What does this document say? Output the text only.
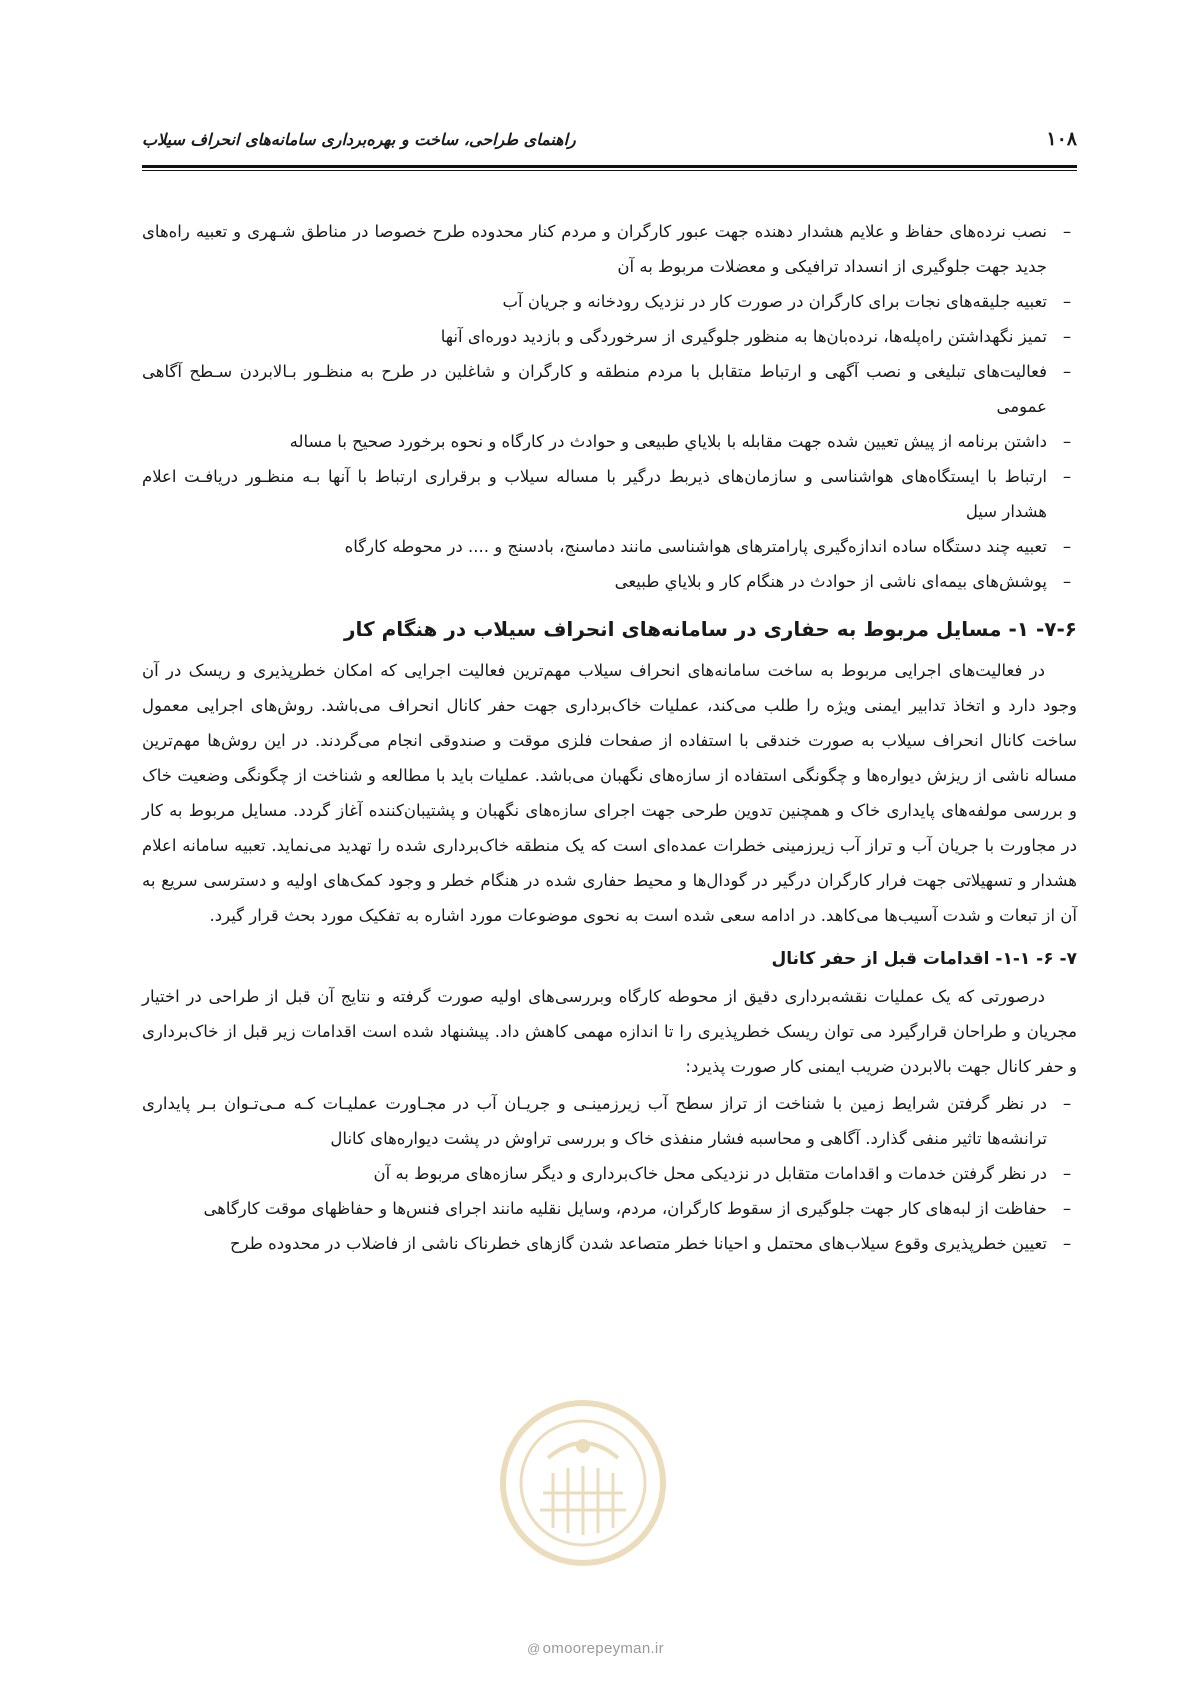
۱۰۸
راهنمای طراحی، ساخت و بهره‌برداری سامانه‌های انحراف سیلاب
–
نصب نرده‌های حفاظ و علایم هشدار دهنده جهت عبور کارگران و مردم کنار محدوده طرح خصوصا در مناطق شـهری و تعبیه راه‌های جدید جهت جلوگیری از انسداد ترافیکی و معضلات مربوط به آن
–
تعبیه جلیقه‌های نجات برای کارگران در صورت کار در نزدیک رودخانه و جریان آب
–
تمیز نگهداشتن راه‌پله‌ها، نرده‌بان‌ها به منظور جلوگیری از سرخوردگی و بازدید دوره‌ای آنها
–
فعالیت‌های تبلیغی و نصب آگهی و ارتباط متقابل با مردم منطقه و کارگران و شاغلین در طرح به منظـور بـالابردن سـطح آگاهی عمومی
–
داشتن برنامه از پیش تعیین شده جهت مقابله با بلاياي طبیعی و حوادث در کارگاه و نحوه برخورد صحیح با مساله
–
ارتباط با ایستگاه‌های هواشناسی و سازمان‌های ذیربط درگیر با مساله سیلاب و برقراری ارتباط با آنها بـه منظـور دریافـت اعلام هشدار سیل
–
تعبیه چند دستگاه ساده اندازه‌گیری پارامترهای هواشناسی مانند دماسنج، بادسنج و .... در محوطه کارگاه
–
پوشش‌های بیمه‌ای ناشی از حوادث در هنگام کار و بلاياي طبیعی
۷-۶- ۱- مسایل مربوط به حفاری در سامانه‌های انحراف سیلاب در هنگام کار

در فعالیت‌های اجرایی مربوط به ساخت سامانه‌های انحراف سیلاب مهم‌ترین فعالیت اجرایی که امکان خطرپذیری و ریسک در آن وجود دارد و اتخاذ تدابیر ایمنی ویژه را طلب می‌کند، عملیات خاک‌برداری جهت حفر کانال انحراف می‌باشد. روش‌های اجرایی معمول ساخت کانال انحراف سیلاب به صورت خندقی با استفاده از صفحات فلزی موقت و صندوقی انجام می‌گردند. در این روش‌ها مهم‌ترین مساله ناشی از ریزش دیواره‌ها و چگونگی استفاده از سازه‌های نگهبان می‌باشد. عملیات باید با مطالعه و شناخت از چگونگی وضعیت خاک و بررسی مولفه‌های پایداری خاک و همچنین تدوین طرحی جهت اجرای سازه‌های نگهبان و پشتیبان‌کننده آغاز گردد. مسایل مربوط به کار در مجاورت با جریان آب و تراز آب زیرزمینی خطرات عمده‌ای است که یک منطقه خاک‌برداری شده را تهدید می‌نماید. تعبیه سامانه اعلام هشدار و تسهیلاتی جهت فرار کارگران درگیر در گودال‌ها و محیط حفاری شده در هنگام خطر و وجود کمک‌های اولیه و دسترسی سریع به آن از تبعات و شدت آسیب‌ها می‌کاهد. در ادامه سعی شده است به نحوی موضوعات مورد اشاره به تفکیک مورد بحث قرار گیرد.

۷- ۶- ۱-۱- اقدامات قبل از حفر کانال

درصورتی که یک عملیات نقشه‌برداری دقیق از محوطه کارگاه وبررسی‌های اولیه صورت گرفته و نتایج آن قبل از طراحی در اختیار مجریان و طراحان قرارگیرد می توان ریسک خطرپذیری را تا اندازه مهمی کاهش داد. پیشنهاد شده است اقدامات زیر قبل از خاک‌برداری و حفر کانال جهت بالابردن ضریب ایمنی کار صورت پذیرد:

–
در نظر گرفتن شرایط زمین با شناخت از تراز سطح آب زیرزمینـی و جریـان آب در مجـاورت عملیـات کـه مـی‌تـوان بـر پایداری ترانشه‌ها تاثیر منفی گذارد. آگاهی و محاسبه فشار منفذی خاک و بررسی تراوش در پشت دیواره‌های کانال
–
در نظر گرفتن خدمات و اقدامات متقابل در نزدیکی محل خاک‌برداری و دیگر سازه‌های مربوط به آن
–
حفاظت از لبه‌های کار جهت جلوگیری از سقوط کارگران، مردم، وسایل نقلیه مانند اجرای فنس‌ها و حفاظهای موقت کارگاهی
–
تعیین خطرپذیری وقوع سیلاب‌های محتمل و احیانا خطر متصاعد شدن گازهای خطرناک ناشی از فاضلاب در محدوده طرح
@ omoorepeyman.ir
